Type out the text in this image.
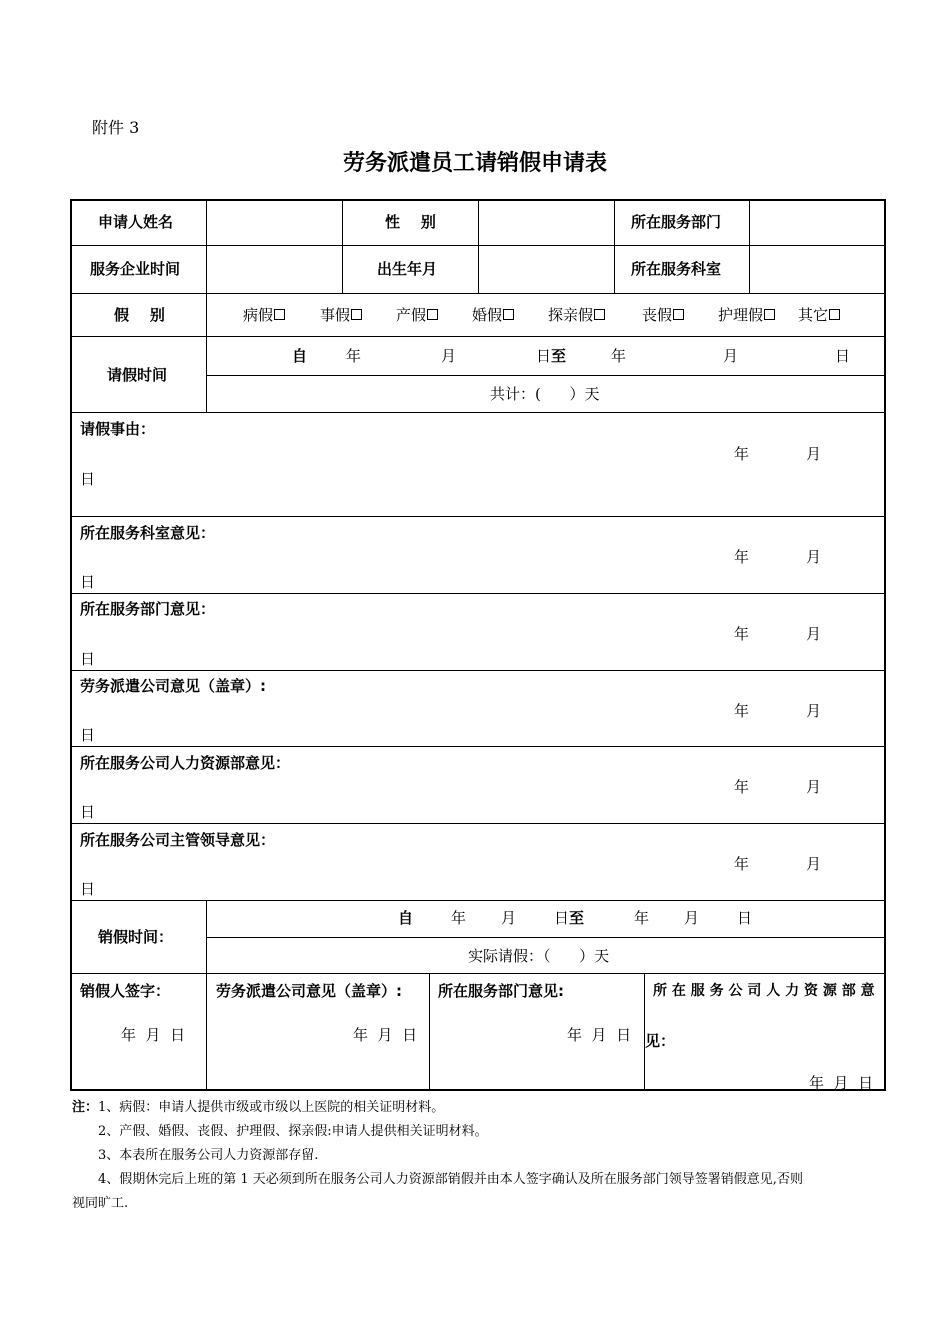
附件 3
劳务派遣员工请销假申请表
申请人姓名	性    别	所在服务部门
服务企业时间	出生年月	所在服务科室
假    别	病假	事假	产假	婚假	探亲假	丧假	护理假	其它
请假时间
自	年	月	日 至	年	月	日
共计：(      ）天
请假事由：
年	月
日
所在服务科室意见：
年	月
日
所在服务部门意见：
年	月
日
劳务派遣公司意见（盖章）:
年	月
日
所在服务公司人力资源部意见：
年	月
日
所在服务公司主管领导意见：
年	月
日
销假时间：
自	年 月	日 至	年 月	日
实际请假：（      ）天
销假人签字：
年  月  日
劳务派遣公司意见（盖章）:
年  月  日
所在服务部门意见:
年  月  日
所 在 服 务 公 司 人 力 资 源 部 意
见：
年  月  日
注：1、病假：申请人提供市级或市级以上医院的相关证明材料。
2、产假、婚假、丧假、护理假、探亲假:申请人提供相关证明材料。
3、本表所在服务公司人力资源部存留.
4、假期休完后上班的第 1 天必须到所在服务公司人力资源部销假并由本人签字确认及所在服务部门领导签署销假意见,否则
视同旷工.
